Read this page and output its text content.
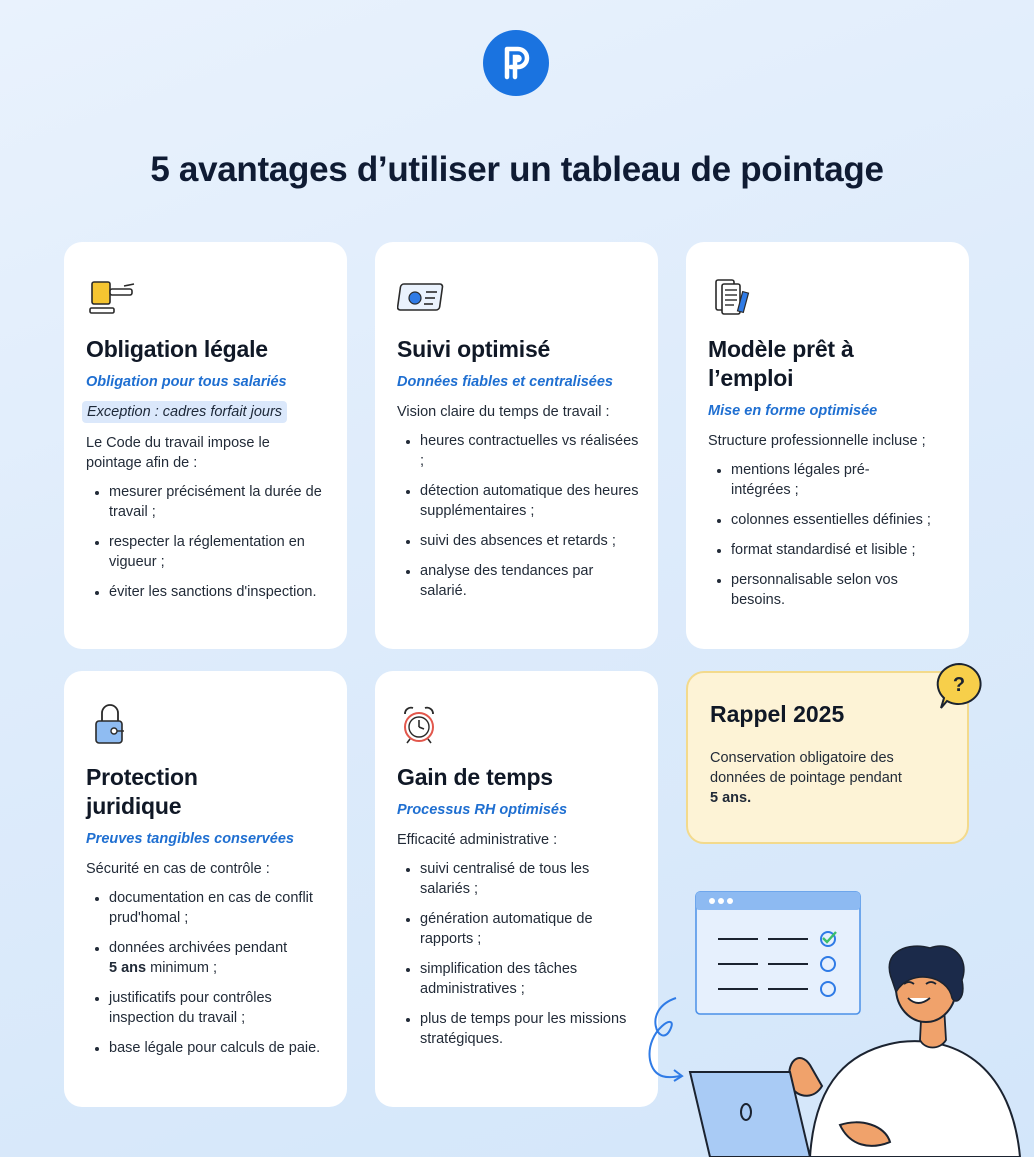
5 avantages d’utiliser un tableau de pointage
Obligation légale
Obligation pour tous salariés
Exception : cadres forfait jours
Le Code du travail impose le pointage afin de :
• mesurer précisément la durée de travail ;
• respecter la réglementation en vigueur ;
• éviter les sanctions d'inspection.
Suivi optimisé
Données fiables et centralisées
Vision claire du temps de travail :
• heures contractuelles vs réalisées ;
• détection automatique des heures supplémentaires ;
• suivi des absences et retards ;
• analyse des tendances par salarié.
Modèle prêt à
l’emploi
Mise en forme optimisée
Structure professionnelle incluse ;
• mentions légales pré-intégrées ;
• colonnes essentielles définies ;
• format standardisé et lisible ;
• personnalisable selon vos besoins.
Protection
juridique
Preuves tangibles conservées
Sécurité en cas de contrôle :
• documentation en cas de conflit prud'homal ;
• données archivées pendant
5 ans minimum ;
• justificatifs pour contrôles inspection du travail ;
• base légale pour calculs de paie.
Gain de temps
Processus RH optimisés
Efficacité administrative :
• suivi centralisé de tous les salariés ;
• génération automatique de rapports ;
• simplification des tâches administratives ;
• plus de temps pour les missions stratégiques.
Rappel 2025

Conservation obligatoire des données de pointage pendant
5 ans.

?
